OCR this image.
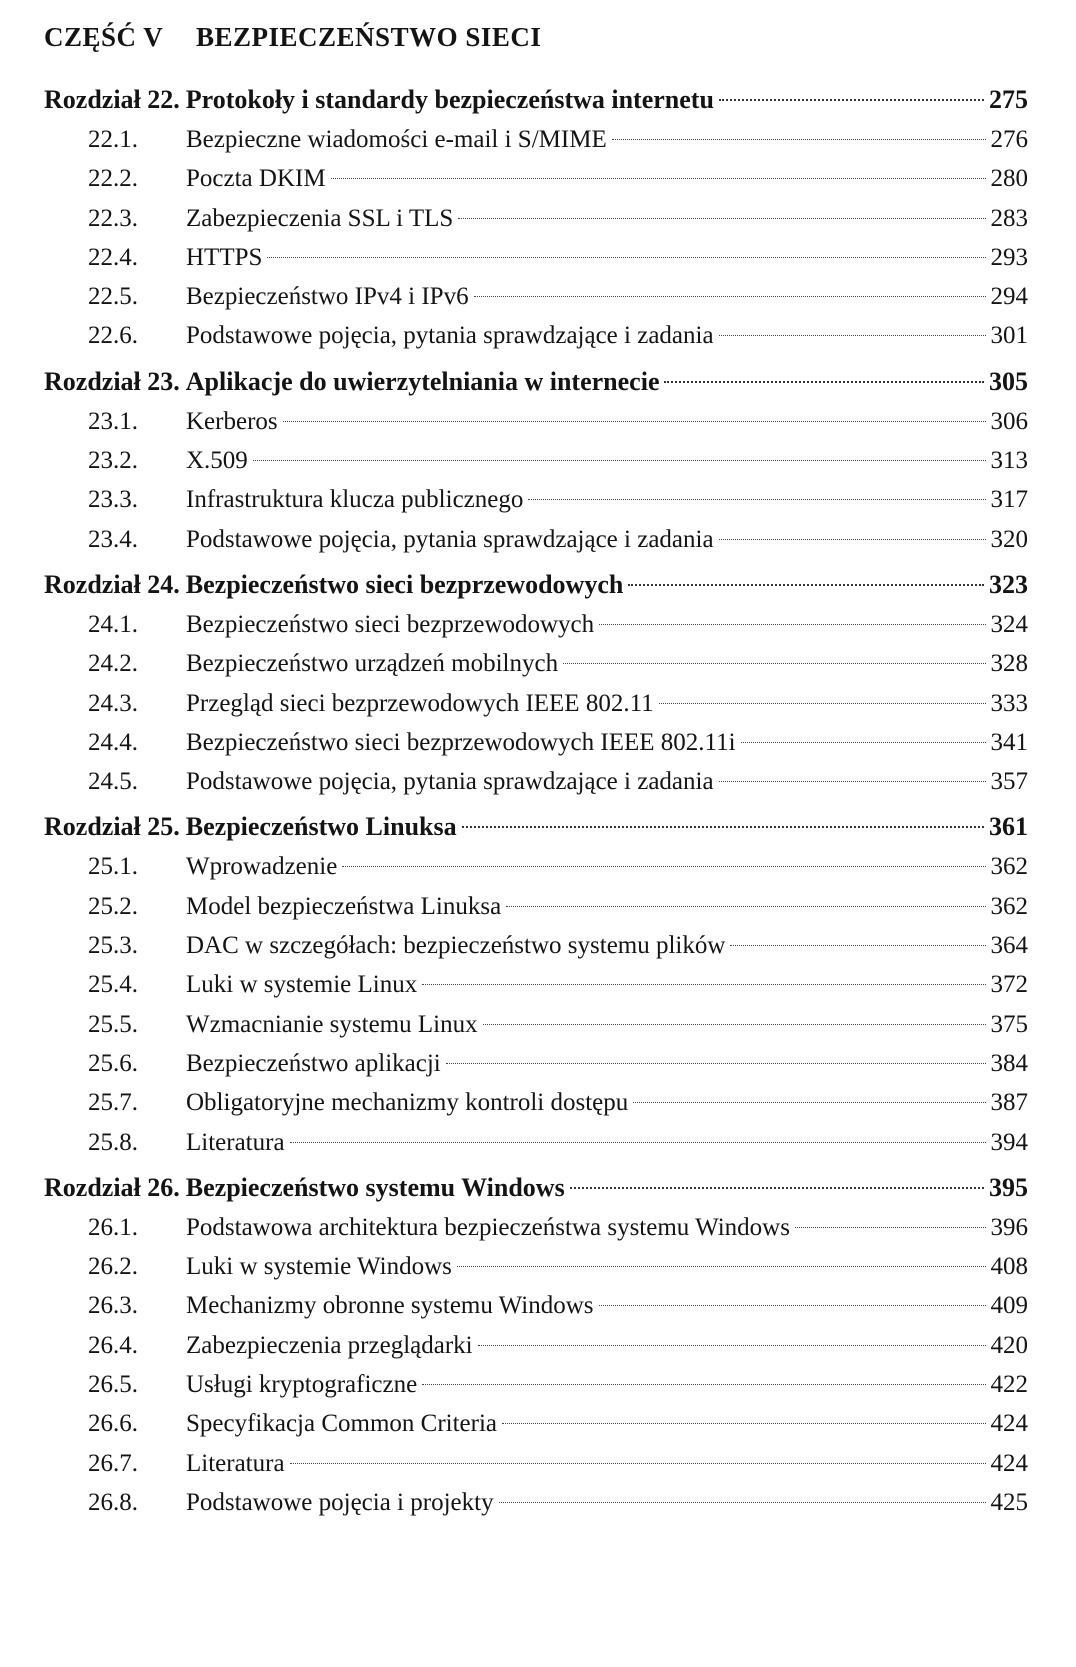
CZĘŚĆ V BEZPIECZEŃSTWO SIECI
Rozdział 22. Protokoły i standardy bezpieczeństwa internetu	275
22.1.	Bezpieczne wiadomości e-mail i S/MIME	276
22.2.	Poczta DKIM	280
22.3.	Zabezpieczenia SSL i TLS	283
22.4.	HTTPS	293
22.5.	Bezpieczeństwo IPv4 i IPv6	294
22.6.	Podstawowe pojęcia, pytania sprawdzające i zadania	301
Rozdział 23. Aplikacje do uwierzytelniania w internecie	305
23.1.	Kerberos	306
23.2.	X.509	313
23.3.	Infrastruktura klucza publicznego	317
23.4.	Podstawowe pojęcia, pytania sprawdzające i zadania	320
Rozdział 24. Bezpieczeństwo sieci bezprzewodowych	323
24.1.	Bezpieczeństwo sieci bezprzewodowych	324
24.2.	Bezpieczeństwo urządzeń mobilnych	328
24.3.	Przegląd sieci bezprzewodowych IEEE 802.11	333
24.4.	Bezpieczeństwo sieci bezprzewodowych IEEE 802.11i	341
24.5.	Podstawowe pojęcia, pytania sprawdzające i zadania	357
Rozdział 25. Bezpieczeństwo Linuksa	361
25.1.	Wprowadzenie	362
25.2.	Model bezpieczeństwa Linuksa	362
25.3.	DAC w szczegółach: bezpieczeństwo systemu plików	364
25.4.	Luki w systemie Linux	372
25.5.	Wzmacnianie systemu Linux	375
25.6.	Bezpieczeństwo aplikacji	384
25.7.	Obligatoryjne mechanizmy kontroli dostępu	387
25.8.	Literatura	394
Rozdział 26. Bezpieczeństwo systemu Windows	395
26.1.	Podstawowa architektura bezpieczeństwa systemu Windows	396
26.2.	Luki w systemie Windows	408
26.3.	Mechanizmy obronne systemu Windows	409
26.4.	Zabezpieczenia przeglądarki	420
26.5.	Usługi kryptograficzne	422
26.6.	Specyfikacja Common Criteria	424
26.7.	Literatura	424
26.8.	Podstawowe pojęcia i projekty	425
